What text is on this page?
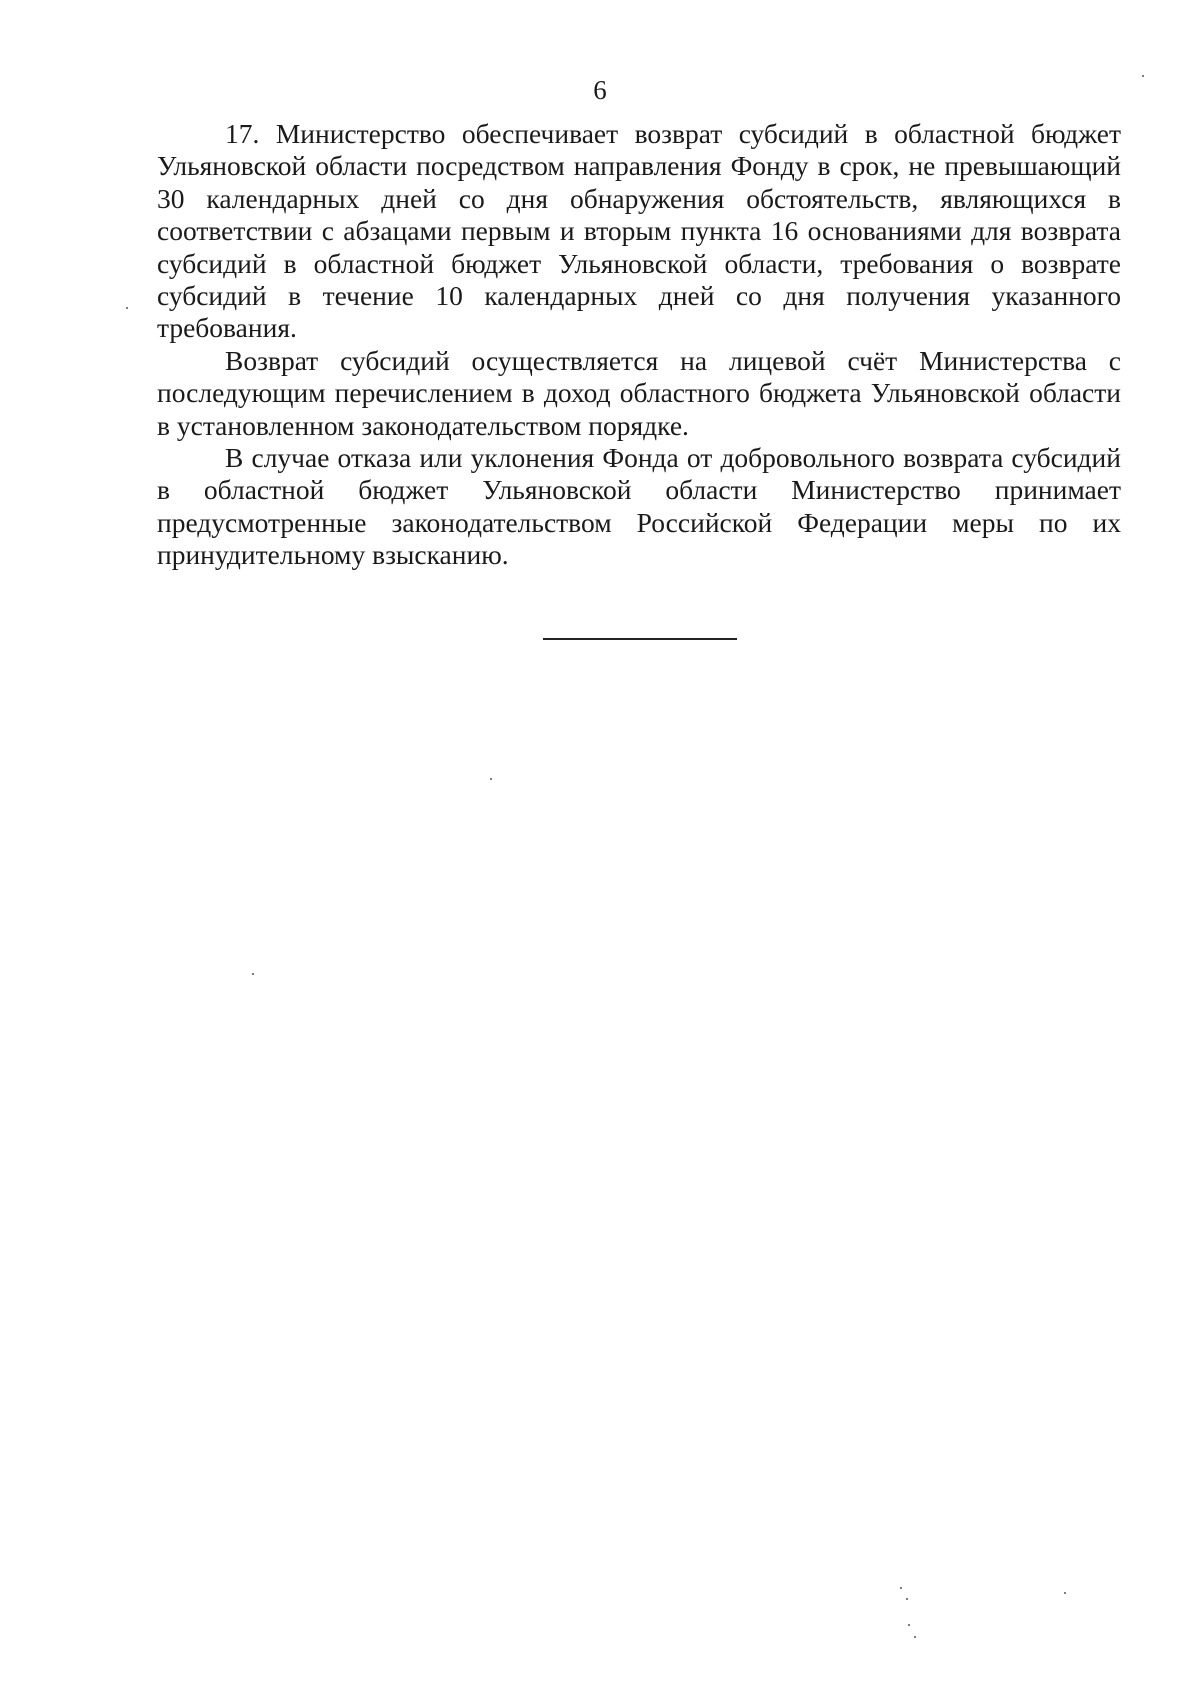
6

17. Министерство обеспечивает возврат субсидий в областной бюджет Ульяновской области посредством направления Фонду в срок, не превышающий 30 календарных дней со дня обнаружения обстоятельств, являющихся в соответствии с абзацами первым и вторым пункта 16 основаниями для возврата субсидий в областной бюджет Ульяновской области, требования о возврате субсидий в течение 10 календарных дней со дня получения указанного требования.

Возврат субсидий осуществляется на лицевой счёт Министерства с последующим перечислением в доход областного бюджета Ульяновской области в установленном законодательством порядке.

В случае отказа или уклонения Фонда от добровольного возврата субсидий в областной бюджет Ульяновской области Министерство принимает предусмотренные законодательством Российской Федерации меры по их принудительному взысканию.
